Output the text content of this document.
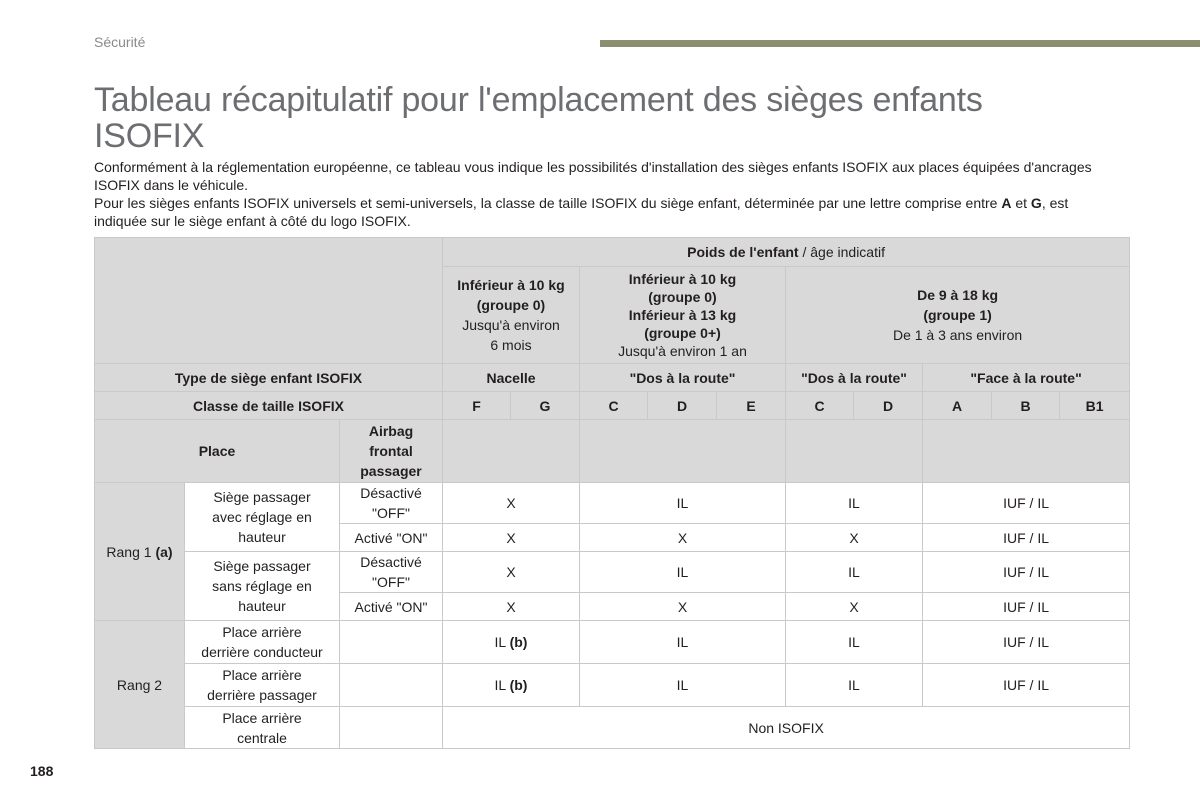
Sécurité
Tableau récapitulatif pour l'emplacement des sièges enfants
ISOFIX

Conformément à la réglementation européenne, ce tableau vous indique les possibilités d'installation des sièges enfants ISOFIX aux places équipées d'ancrages ISOFIX dans le véhicule.

Pour les sièges enfants ISOFIX universels et semi-universels, la classe de taille ISOFIX du siège enfant, déterminée par une lettre comprise entre A et G, est indiquée sur le siège enfant à côté du logo ISOFIX.

			Poids de l'enfant / âge indicatif									
			Inférieur à 10 kg
(groupe 0)
Jusqu'à environ
6 mois		Inférieur à 10 kg
(groupe 0)
Inférieur à 13 kg
(groupe 0+)
Jusqu'à environ 1 an			De 9 à 18 kg
(groupe 1)
De 1 à 3 ans environ				
Type de siège enfant ISOFIX			Nacelle		"Dos à la route"			"Dos à la route"		"Face à la route"		
Classe de taille ISOFIX			F	G	C	D	E	C	D	A	B	B1
Place		Airbag
frontal
passager										
Rang 1 (a)	Siège passager
avec réglage en
hauteur	Désactivé
"OFF"	X		IL			IL		IUF / IL		
		Activé "ON"	X		X			X		IUF / IL		
	Siège passager
sans réglage en
hauteur	Désactivé
"OFF"	X		IL			IL		IUF / IL		
		Activé "ON"	X		X			X		IUF / IL		
Rang 2	Place arrière
derrière conducteur		IL (b)		IL			IL		IUF / IL		
	Place arrière
derrière passager		IL (b)		IL			IL		IUF / IL		
	Place arrière
centrale		Non ISOFIX									
188
